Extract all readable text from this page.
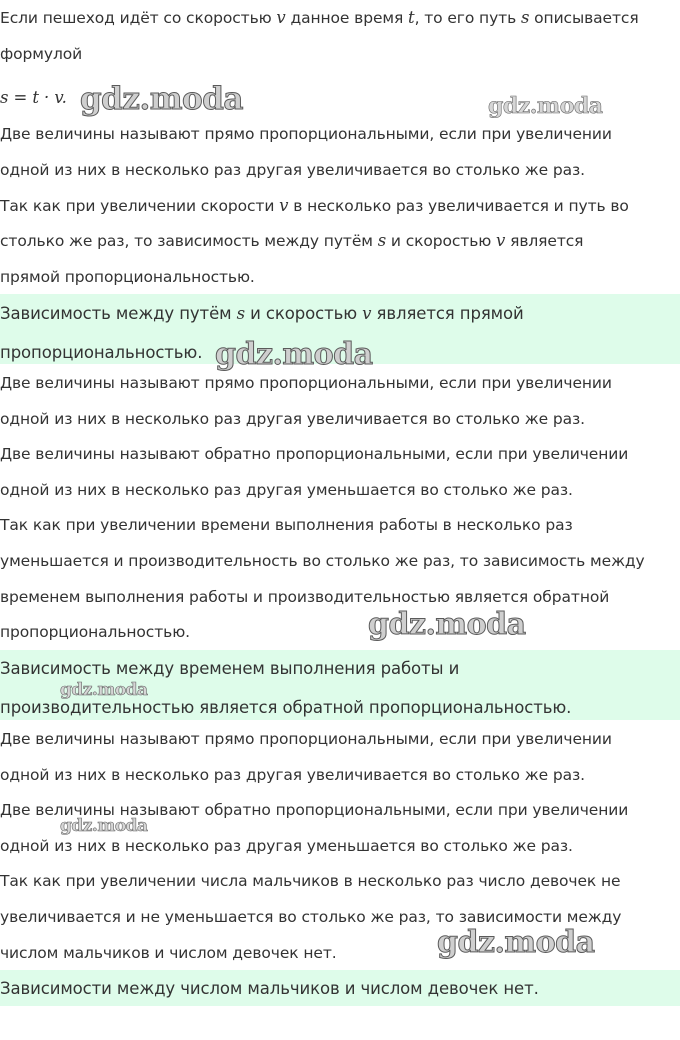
Если пешеход идёт со скоростью v данное время t, то его путь s описывается
формулой
s = t · v.
Две величины называют прямо пропорциональными, если при увеличении
одной из них в несколько раз другая увеличивается во столько же раз.
Так как при увеличении скорости v в несколько раз увеличивается и путь во
столько же раз, то зависимость между путём s и скоростью v является
прямой пропорциональностью.
Зависимость между путём s и скоростью v является прямой
пропорциональностью.
Две величины называют прямо пропорциональными, если при увеличении
одной из них в несколько раз другая увеличивается во столько же раз.
Две величины называют обратно пропорциональными, если при увеличении
одной из них в несколько раз другая уменьшается во столько же раз.
Так как при увеличении времени выполнения работы в несколько раз
уменьшается и производительность во столько же раз, то зависимость между
временем выполнения работы и производительностью является обратной
пропорциональностью.
Зависимость между временем выполнения работы и
производительностью является обратной пропорциональностью.
Две величины называют прямо пропорциональными, если при увеличении
одной из них в несколько раз другая увеличивается во столько же раз.
Две величины называют обратно пропорциональными, если при увеличении
одной из них в несколько раз другая уменьшается во столько же раз.
Так как при увеличении числа мальчиков в несколько раз число девочек не
увеличивается и не уменьшается во столько же раз, то зависимости между
числом мальчиков и числом девочек нет.
Зависимости между числом мальчиков и числом девочек нет.
gdz.moda	gdz.moda
gdz.moda
gdz.moda
gdz.moda
gdz.moda
gdz.moda
